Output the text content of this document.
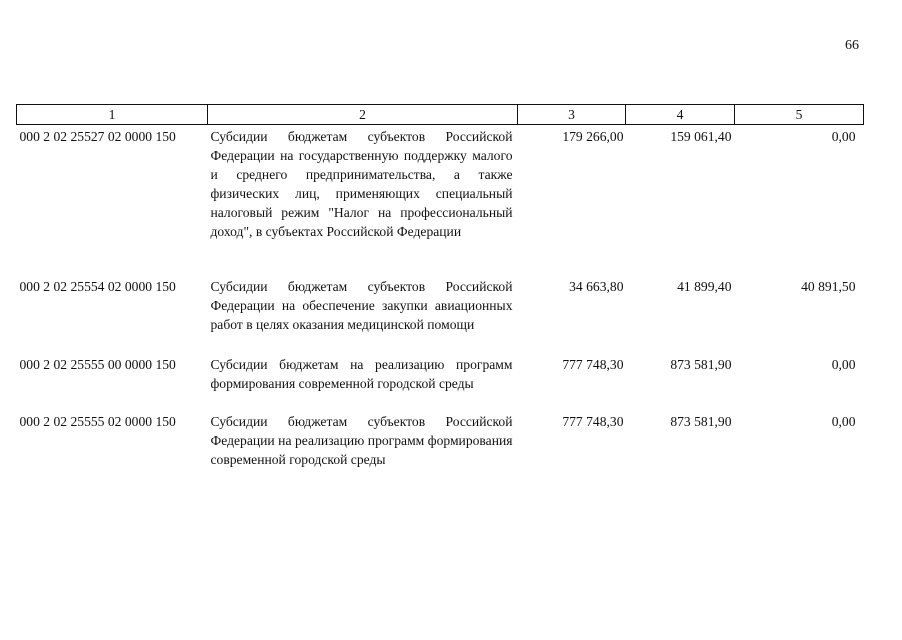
66
1	2	3	4	5
000 2 02 25527 02 0000 150	Субсидии бюджетам субъектов Российской Федерации на государственную поддержку малого и среднего предпринимательства, а также физических лиц, применяющих специальный налоговый режим "Налог на профессиональный доход", в субъектах Российской Федерации	179 266,00	159 061,40	0,00
000 2 02 25554 02 0000 150	Субсидии бюджетам субъектов Российской Федерации на обеспечение закупки авиационных работ в целях оказания медицинской помощи	34 663,80	41 899,40	40 891,50
000 2 02 25555 00 0000 150	Субсидии бюджетам на реализацию программ формирования современной городской среды	777 748,30	873 581,90	0,00
000 2 02 25555 02 0000 150	Субсидии бюджетам субъектов Российской Федерации на реализацию программ формирования современной городской среды	777 748,30	873 581,90	0,00
